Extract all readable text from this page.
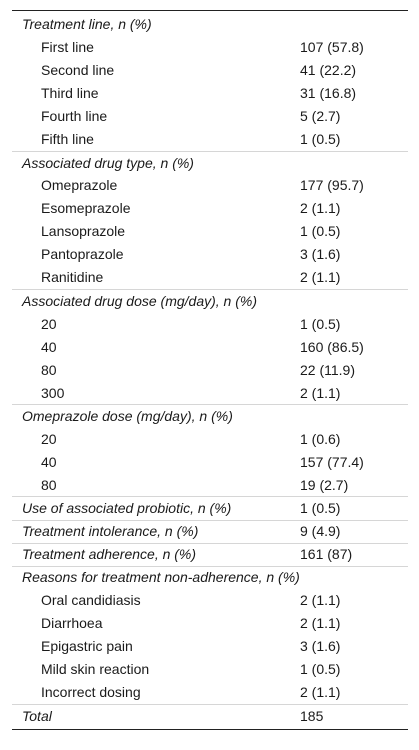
Treatment line, n (%)	
First line	107 (57.8)
Second line	41 (22.2)
Third line	31 (16.8)
Fourth line	5 (2.7)
Fifth line	1 (0.5)
Associated drug type, n (%)	
Omeprazole	177 (95.7)
Esomeprazole	2 (1.1)
Lansoprazole	1 (0.5)
Pantoprazole	3 (1.6)
Ranitidine	2 (1.1)
Associated drug dose (mg/day), n (%)	
20	1 (0.5)
40	160 (86.5)
80	22 (11.9)
300	2 (1.1)
Omeprazole dose (mg/day), n (%)	
20	1 (0.6)
40	157 (77.4)
80	19 (2.7)
Use of associated probiotic, n (%)	1 (0.5)
Treatment intolerance, n (%)	9 (4.9)
Treatment adherence, n (%)	161 (87)
Reasons for treatment non-adherence, n (%)	
Oral candidiasis	2 (1.1)
Diarrhoea	2 (1.1)
Epigastric pain	3 (1.6)
Mild skin reaction	1 (0.5)
Incorrect dosing	2 (1.1)
Total	185
